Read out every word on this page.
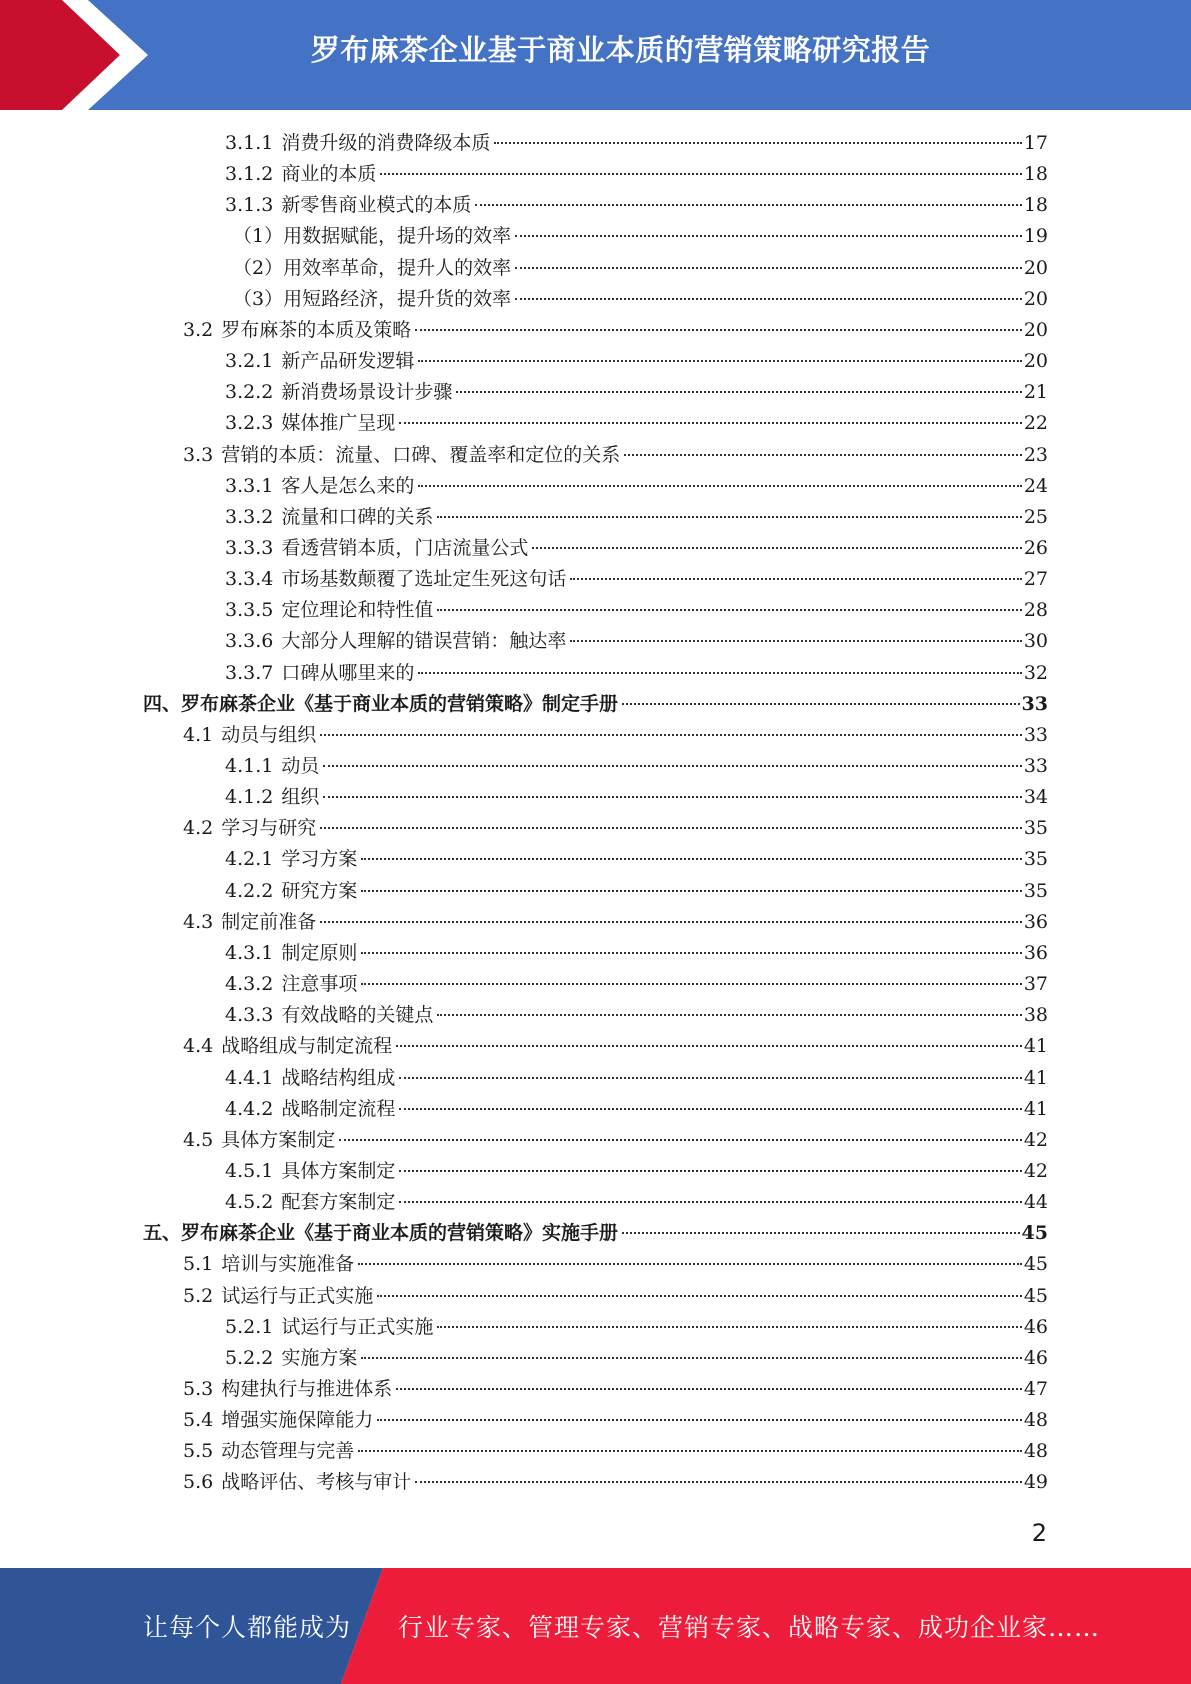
罗布麻茶企业基于商业本质的营销策略研究报告
3.1.1 消费升级的消费降级本质	17
3.1.2 商业的本质	18
3.1.3 新零售商业模式的本质	18
（1）用数据赋能，提升场的效率	19
（2）用效率革命，提升人的效率	20
（3）用短路经济，提升货的效率	20
3.2 罗布麻茶的本质及策略	20
3.2.1 新产品研发逻辑	20
3.2.2 新消费场景设计步骤	21
3.2.3 媒体推广呈现	22
3.3 营销的本质：流量、口碑、覆盖率和定位的关系	23
3.3.1 客人是怎么来的	24
3.3.2 流量和口碑的关系	25
3.3.3 看透营销本质，门店流量公式	26
3.3.4 市场基数颠覆了选址定生死这句话	27
3.3.5 定位理论和特性值	28
3.3.6 大部分人理解的错误营销：触达率	30
3.3.7 口碑从哪里来的	32
四、罗布麻茶企业《基于商业本质的营销策略》制定手册	33
4.1 动员与组织	33
4.1.1 动员	33
4.1.2 组织	34
4.2 学习与研究	35
4.2.1 学习方案	35
4.2.2 研究方案	35
4.3 制定前准备	36
4.3.1 制定原则	36
4.3.2 注意事项	37
4.3.3 有效战略的关键点	38
4.4 战略组成与制定流程	41
4.4.1 战略结构组成	41
4.4.2 战略制定流程	41
4.5 具体方案制定	42
4.5.1 具体方案制定	42
4.5.2 配套方案制定	44
五、罗布麻茶企业《基于商业本质的营销策略》实施手册	45
5.1 培训与实施准备	45
5.2 试运行与正式实施	45
5.2.1 试运行与正式实施	46
5.2.2 实施方案	46
5.3 构建执行与推进体系	47
5.4 增强实施保障能力	48
5.5 动态管理与完善	48
5.6 战略评估、考核与审计	49
2
让每个人都能成为 行业专家、管理专家、营销专家、战略专家、成功企业家……
